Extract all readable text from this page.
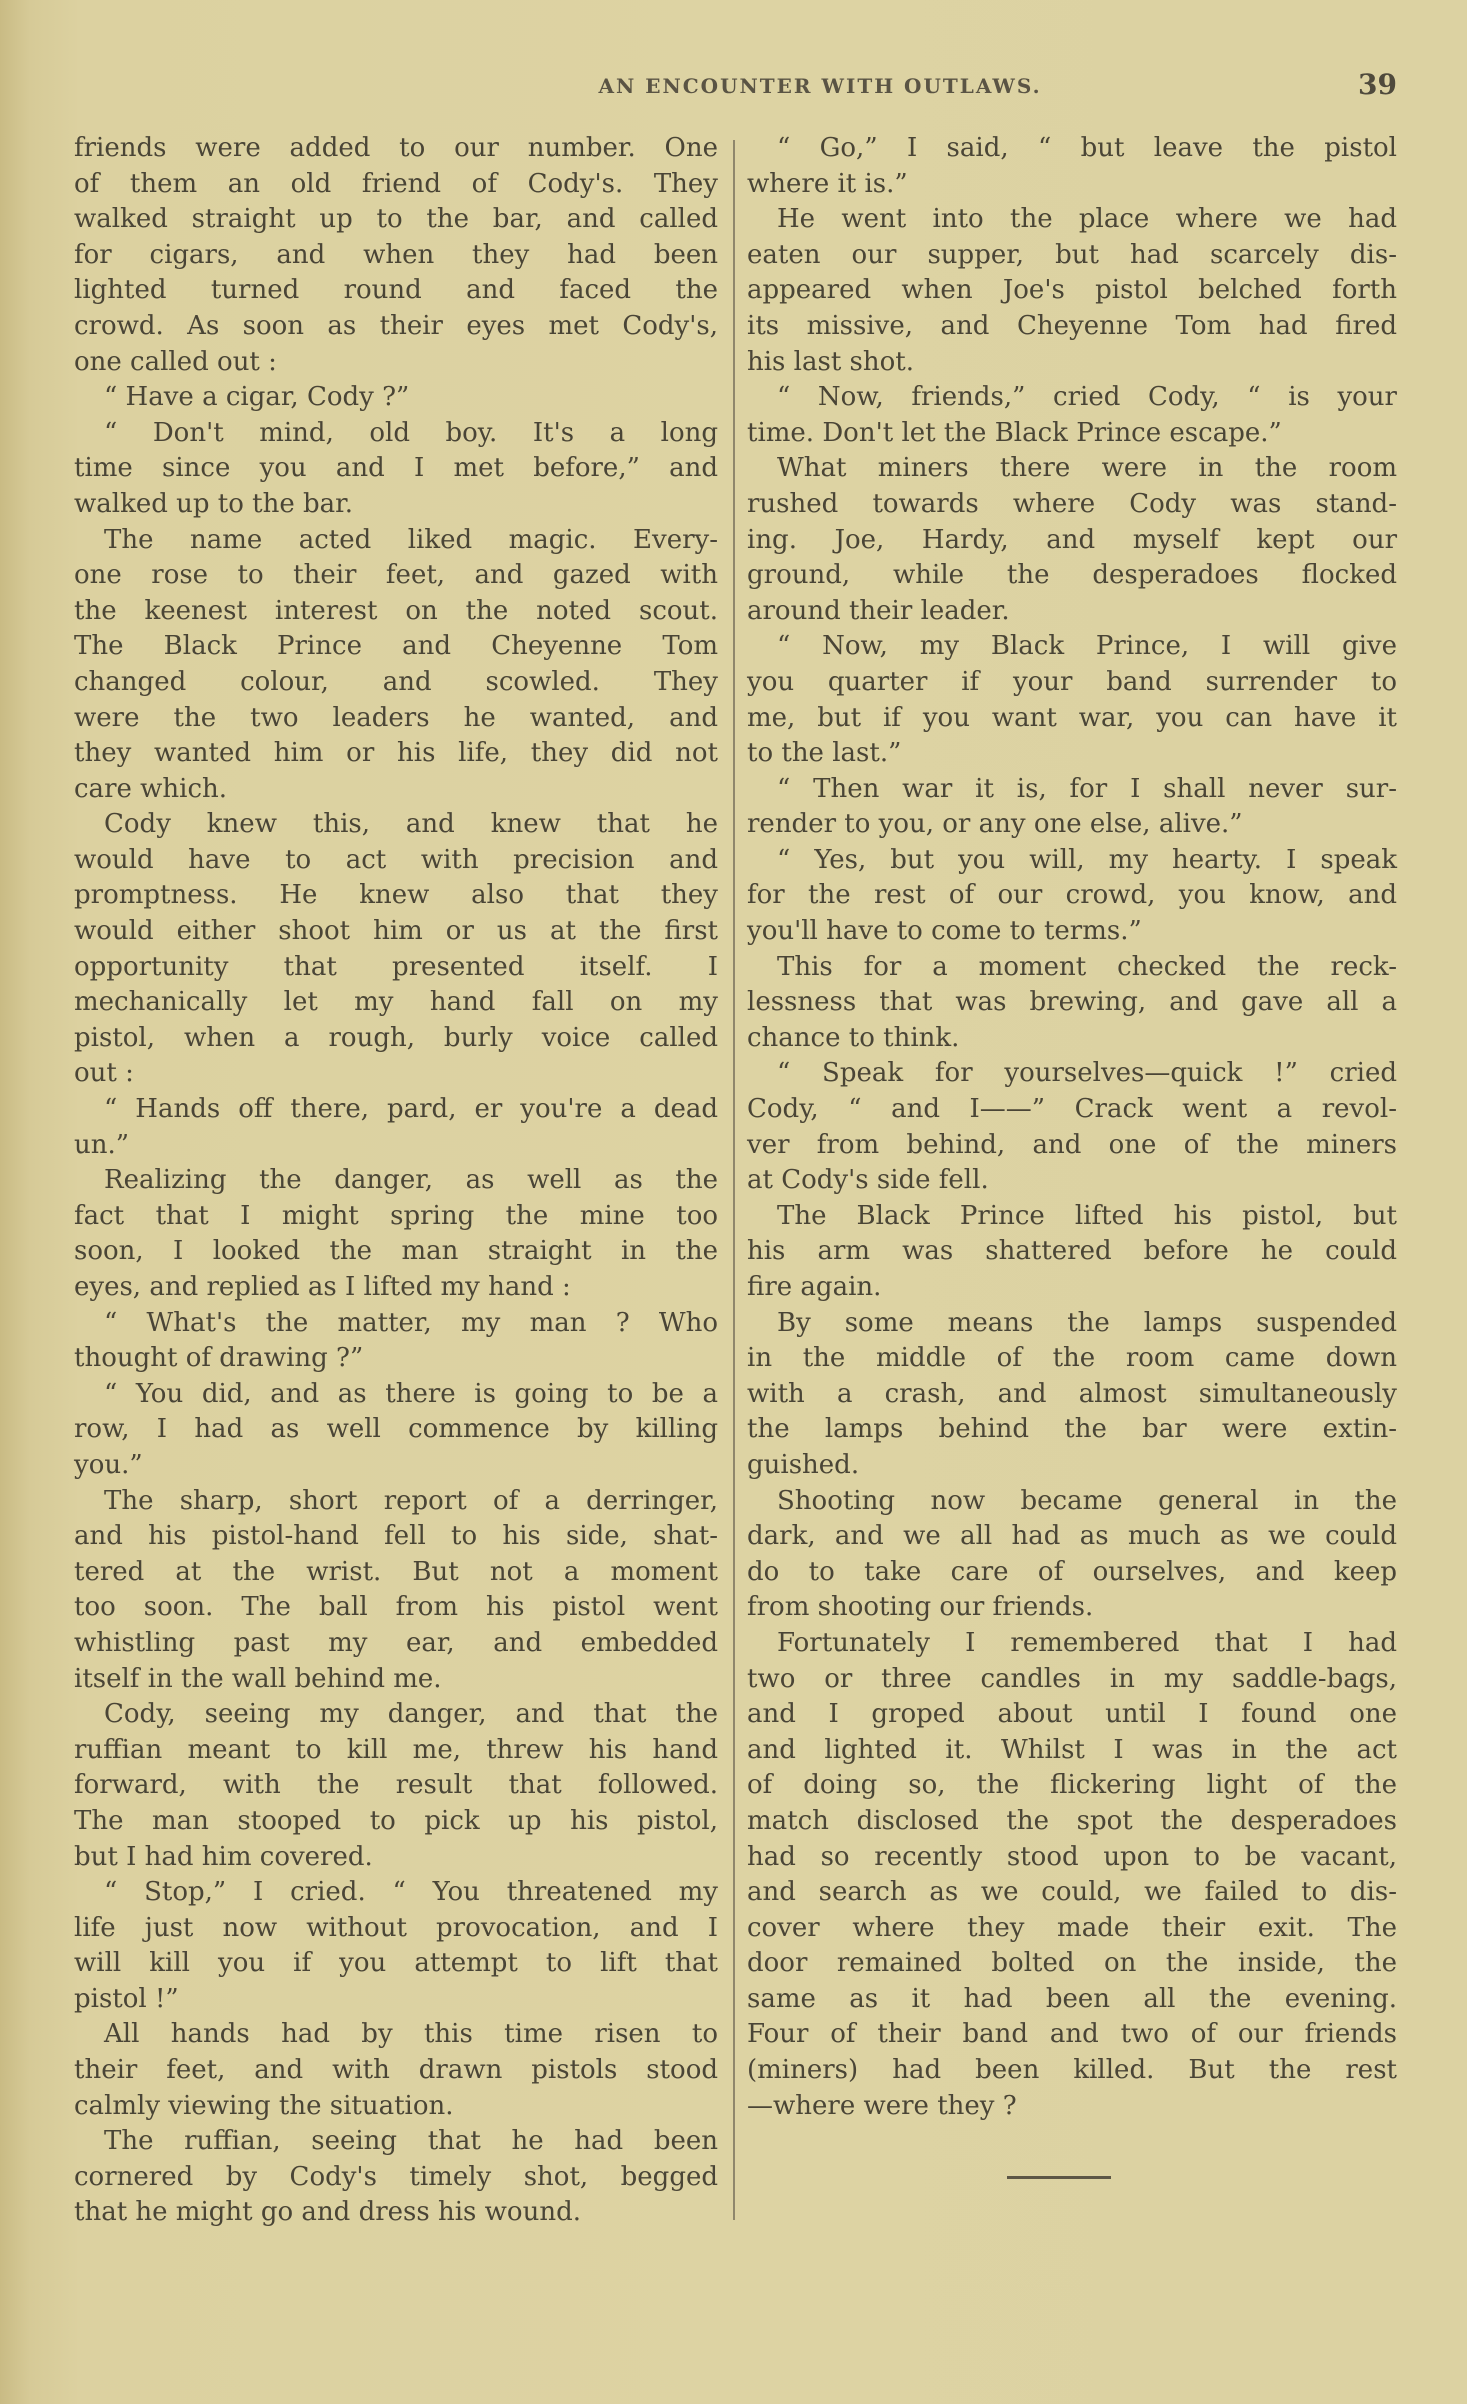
AN ENCOUNTER WITH OUTLAWS.	39
friends were added to our number. One
of them an old friend of Cody's. They
walked straight up to the bar, and called
for cigars, and when they had been
lighted turned round and faced the
crowd. As soon as their eyes met Cody's,
one called out :
“ Have a cigar, Cody ?”
“ Don't mind, old boy. It's a long
time since you and I met before,” and
walked up to the bar.
The name acted liked magic. Every-
one rose to their feet, and gazed with
the keenest interest on the noted scout.
The Black Prince and Cheyenne Tom
changed colour, and scowled. They
were the two leaders he wanted, and
they wanted him or his life, they did not
care which.
Cody knew this, and knew that he
would have to act with precision and
promptness. He knew also that they
would either shoot him or us at the first
opportunity that presented itself. I
mechanically let my hand fall on my
pistol, when a rough, burly voice called
out :
“ Hands off there, pard, er you're a dead
un.”
Realizing the danger, as well as the
fact that I might spring the mine too
soon, I looked the man straight in the
eyes, and replied as I lifted my hand :
“ What's the matter, my man ? Who
thought of drawing ?”
“ You did, and as there is going to be a
row, I had as well commence by killing
you.”
The sharp, short report of a derringer,
and his pistol-hand fell to his side, shat-
tered at the wrist. But not a moment
too soon. The ball from his pistol went
whistling past my ear, and embedded
itself in the wall behind me.
Cody, seeing my danger, and that the
ruffian meant to kill me, threw his hand
forward, with the result that followed.
The man stooped to pick up his pistol,
but I had him covered.
“ Stop,” I cried. “ You threatened my
life just now without provocation, and I
will kill you if you attempt to lift that
pistol !”
All hands had by this time risen to
their feet, and with drawn pistols stood
calmly viewing the situation.
The ruffian, seeing that he had been
cornered by Cody's timely shot, begged
that he might go and dress his wound.
“ Go,” I said, “ but leave the pistol
where it is.”
He went into the place where we had
eaten our supper, but had scarcely dis-
appeared when Joe's pistol belched forth
its missive, and Cheyenne Tom had fired
his last shot.
“ Now, friends,” cried Cody, “ is your
time. Don't let the Black Prince escape.”
What miners there were in the room
rushed towards where Cody was stand-
ing. Joe, Hardy, and myself kept our
ground, while the desperadoes flocked
around their leader.
“ Now, my Black Prince, I will give
you quarter if your band surrender to
me, but if you want war, you can have it
to the last.”
“ Then war it is, for I shall never sur-
render to you, or any one else, alive.”
“ Yes, but you will, my hearty. I speak
for the rest of our crowd, you know, and
you'll have to come to terms.”
This for a moment checked the reck-
lessness that was brewing, and gave all a
chance to think.
“ Speak for yourselves—quick !” cried
Cody, “ and I——” Crack went a revol-
ver from behind, and one of the miners
at Cody's side fell.
The Black Prince lifted his pistol, but
his arm was shattered before he could
fire again.
By some means the lamps suspended
in the middle of the room came down
with a crash, and almost simultaneously
the lamps behind the bar were extin-
guished.
Shooting now became general in the
dark, and we all had as much as we could
do to take care of ourselves, and keep
from shooting our friends.
Fortunately I remembered that I had
two or three candles in my saddle-bags,
and I groped about until I found one
and lighted it. Whilst I was in the act
of doing so, the flickering light of the
match disclosed the spot the desperadoes
had so recently stood upon to be vacant,
and search as we could, we failed to dis-
cover where they made their exit. The
door remained bolted on the inside, the
same as it had been all the evening.
Four of their band and two of our friends
(miners) had been killed. But the rest
—where were they ?
